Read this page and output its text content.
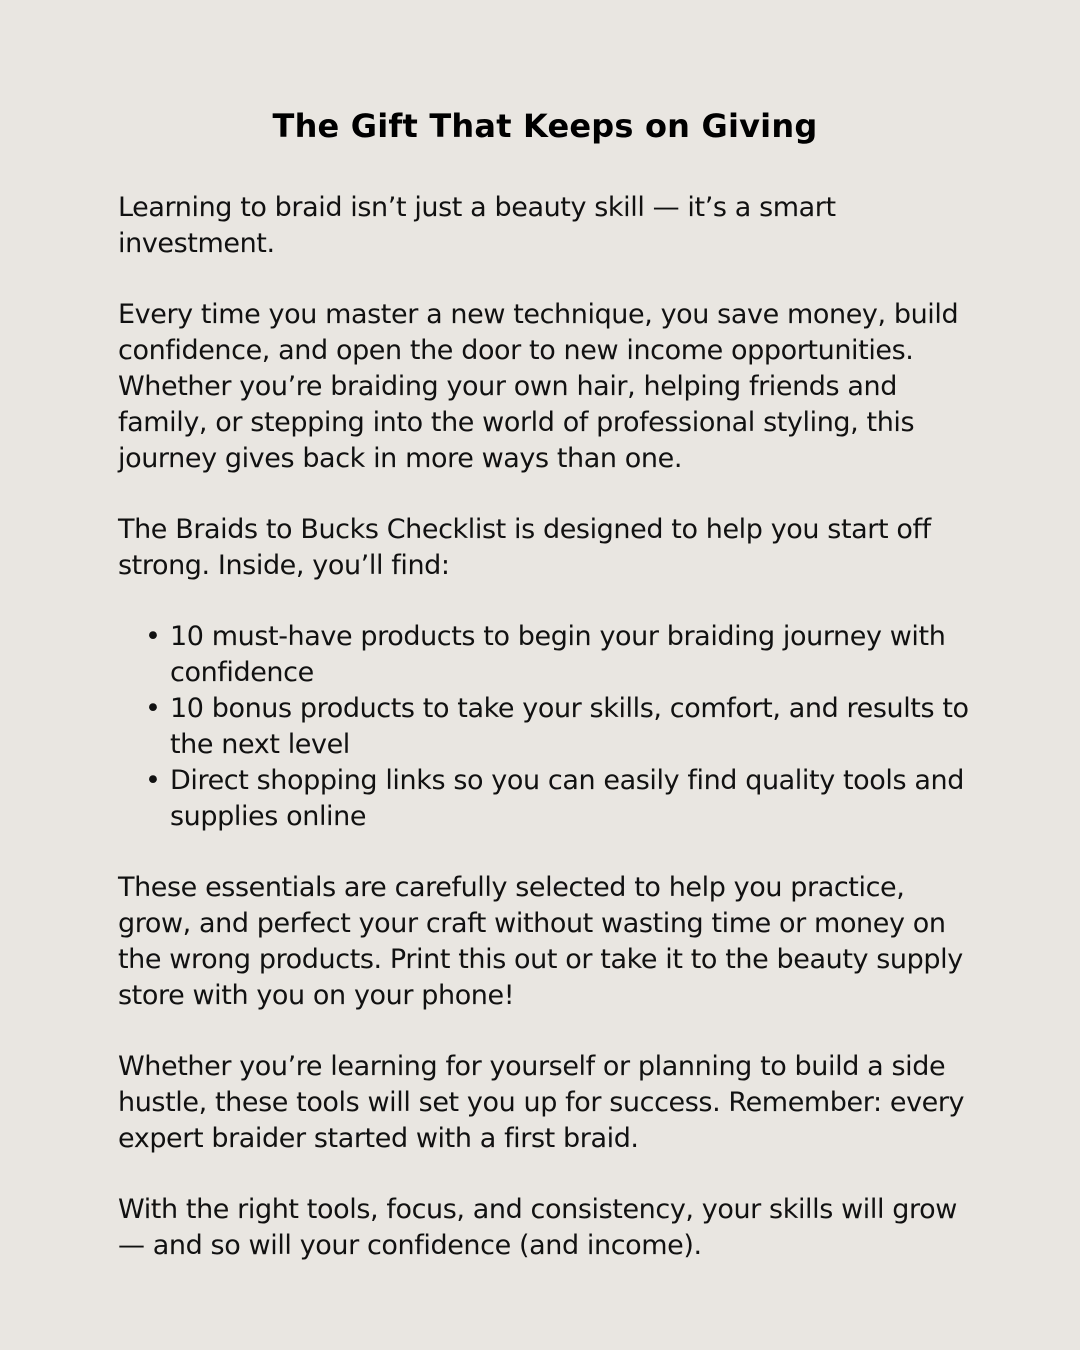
The Gift That Keeps on Giving

Learning to braid isn’t just a beauty skill — it’s a smart investment.

Every time you master a new technique, you save money, build confidence, and open the door to new income opportunities. Whether you’re braiding your own hair, helping friends and family, or stepping into the world of professional styling, this journey gives back in more ways than one.

The Braids to Bucks Checklist is designed to help you start off strong. Inside, you’ll find:

• 10 must-have products to begin your braiding journey with confidence
• 10 bonus products to take your skills, comfort, and results to the next level
• Direct shopping links so you can easily find quality tools and supplies online

These essentials are carefully selected to help you practice, grow, and perfect your craft without wasting time or money on the wrong products. Print this out or take it to the beauty supply store with you on your phone!

Whether you’re learning for yourself or planning to build a side hustle, these tools will set you up for success. Remember: every expert braider started with a first braid.

With the right tools, focus, and consistency, your skills will grow — and so will your confidence (and income).
